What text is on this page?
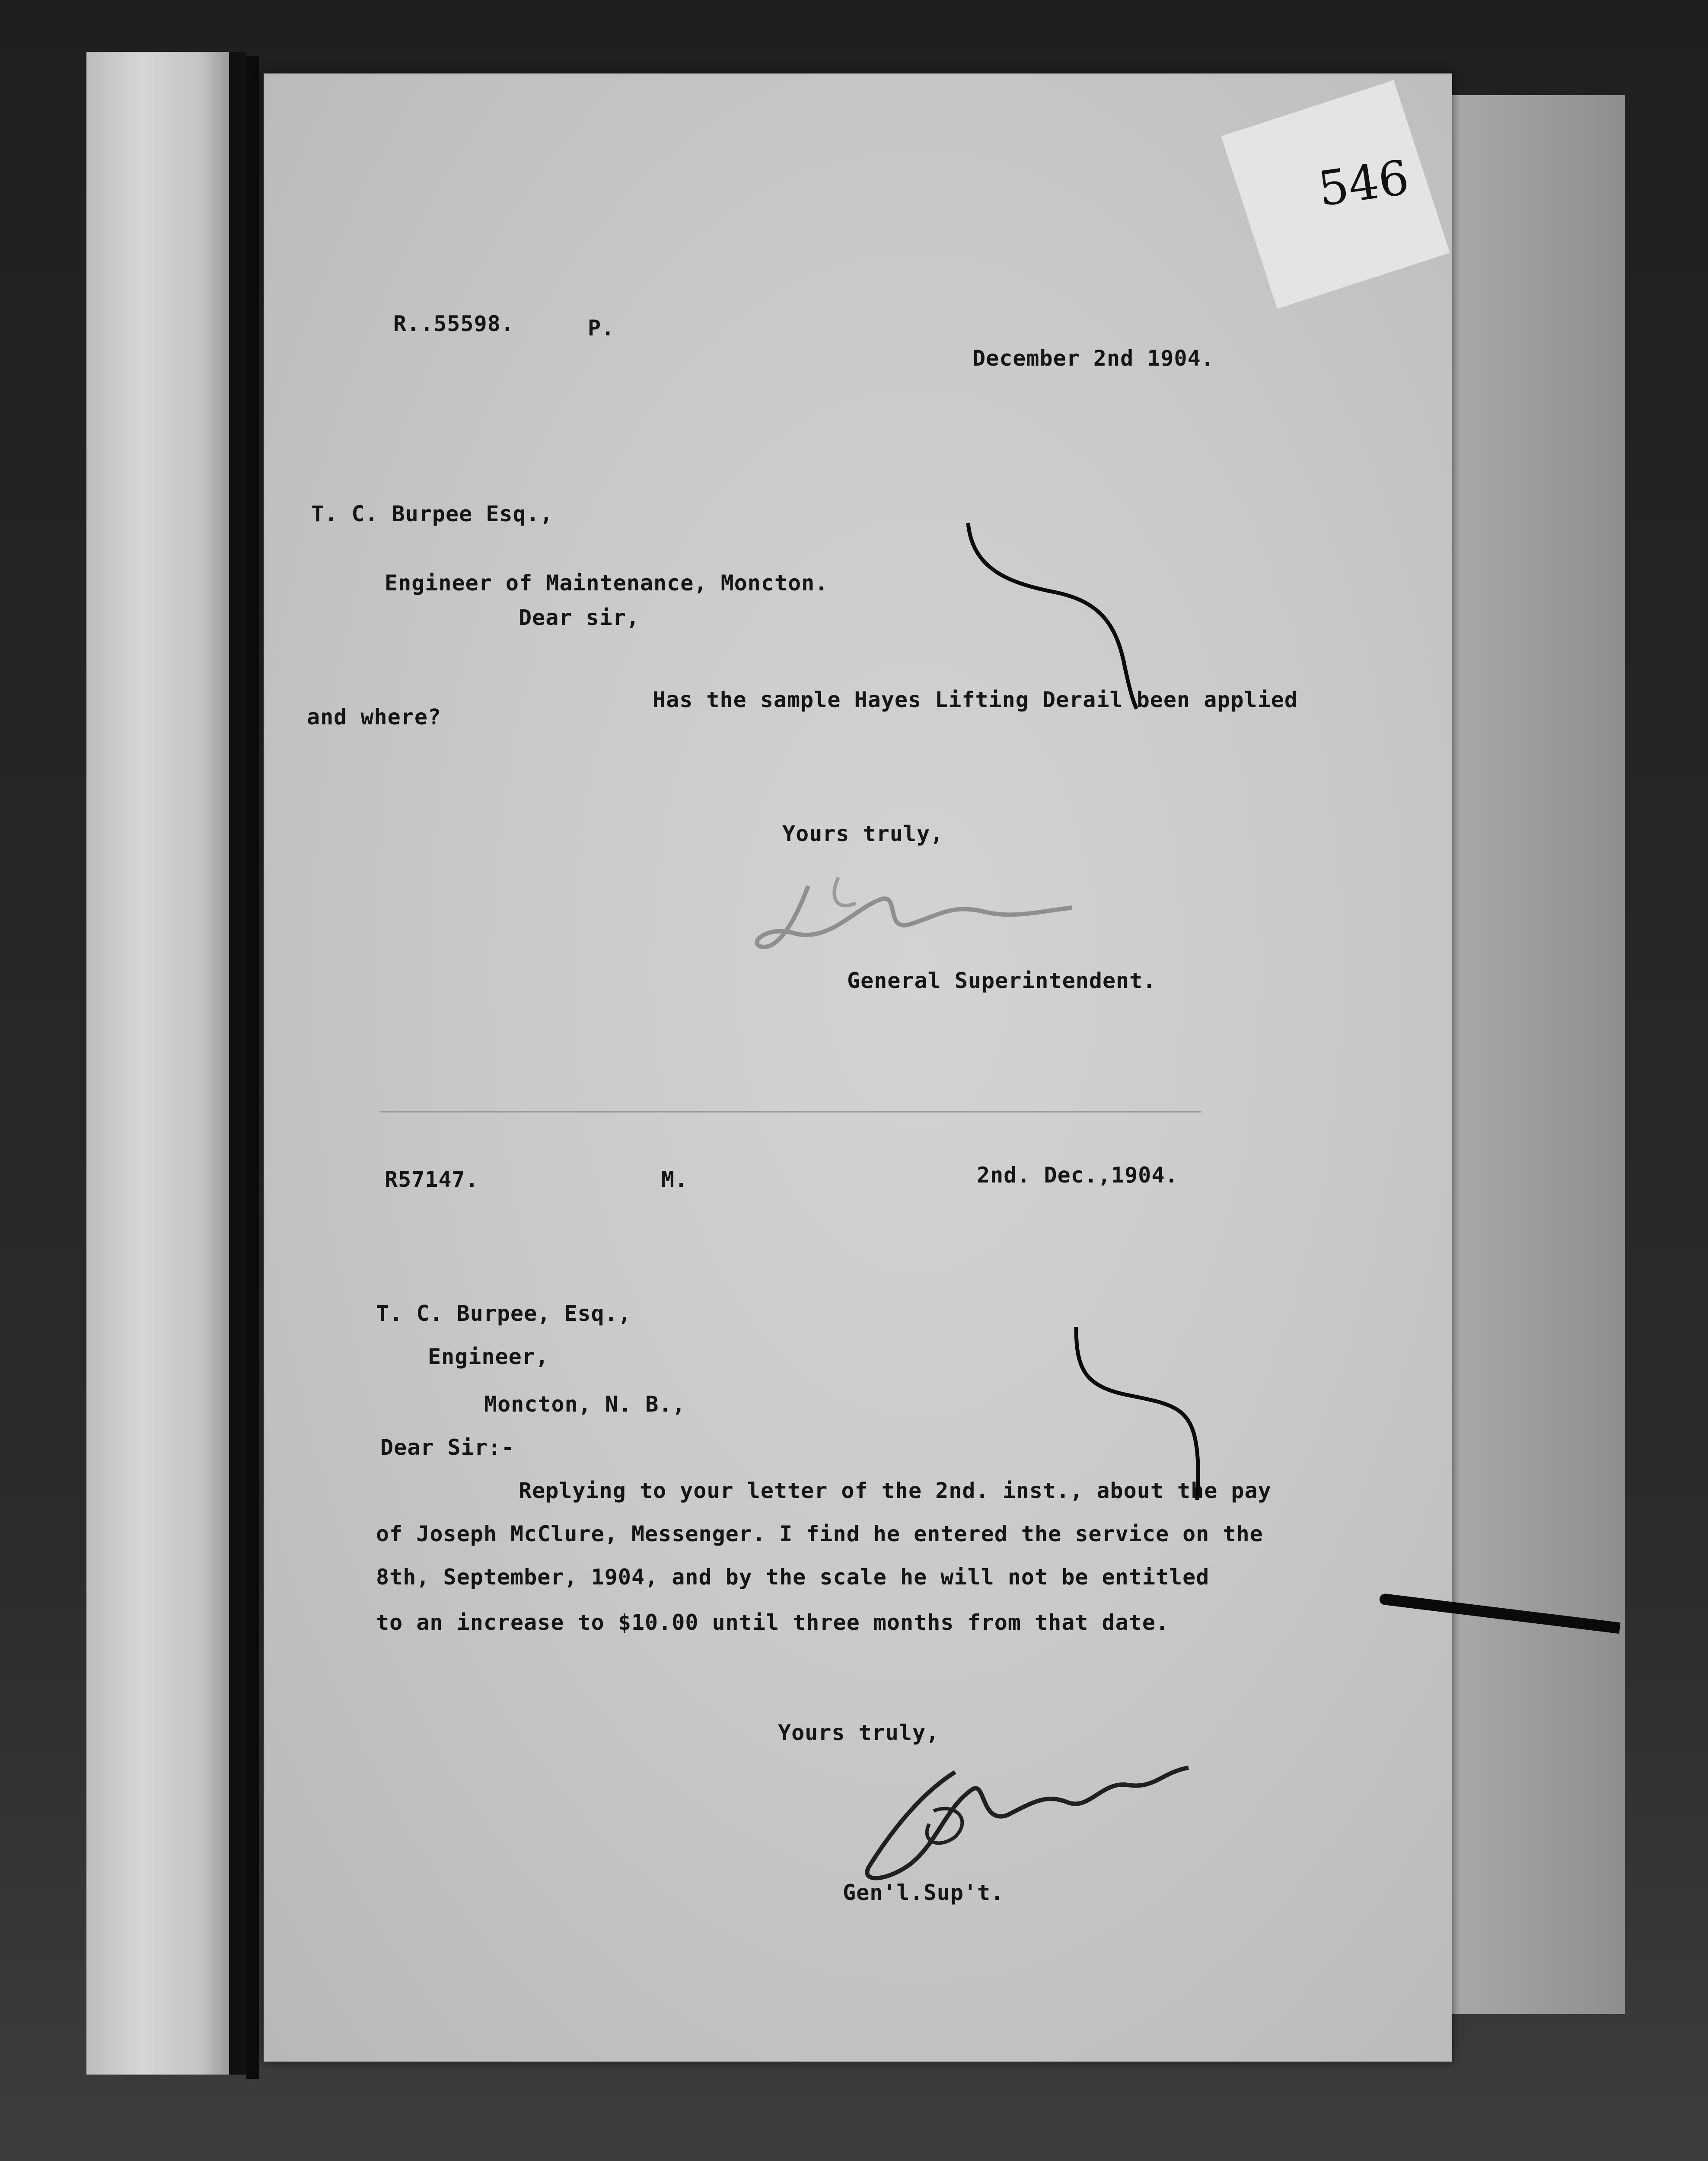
546
R..55598.	P.
December 2nd 1904.
T. C. Burpee Esq.,
Engineer of Maintenance, Moncton.
Dear sir,
Has the sample Hayes Lifting Derail been applied
and where?
Yours truly,
General Superintendent.
R57147.	M.	2nd. Dec.,1904.
T. C. Burpee, Esq.,
Engineer,
Moncton, N. B.,
Dear Sir:-
Replying to your letter of the 2nd. inst., about the pay
of Joseph McClure, Messenger. I find he entered the service on the
8th, September, 1904, and by the scale he will not be entitled
to an increase to $10.00 until three months from that date.
Yours truly,
Gen'l.Sup't.
